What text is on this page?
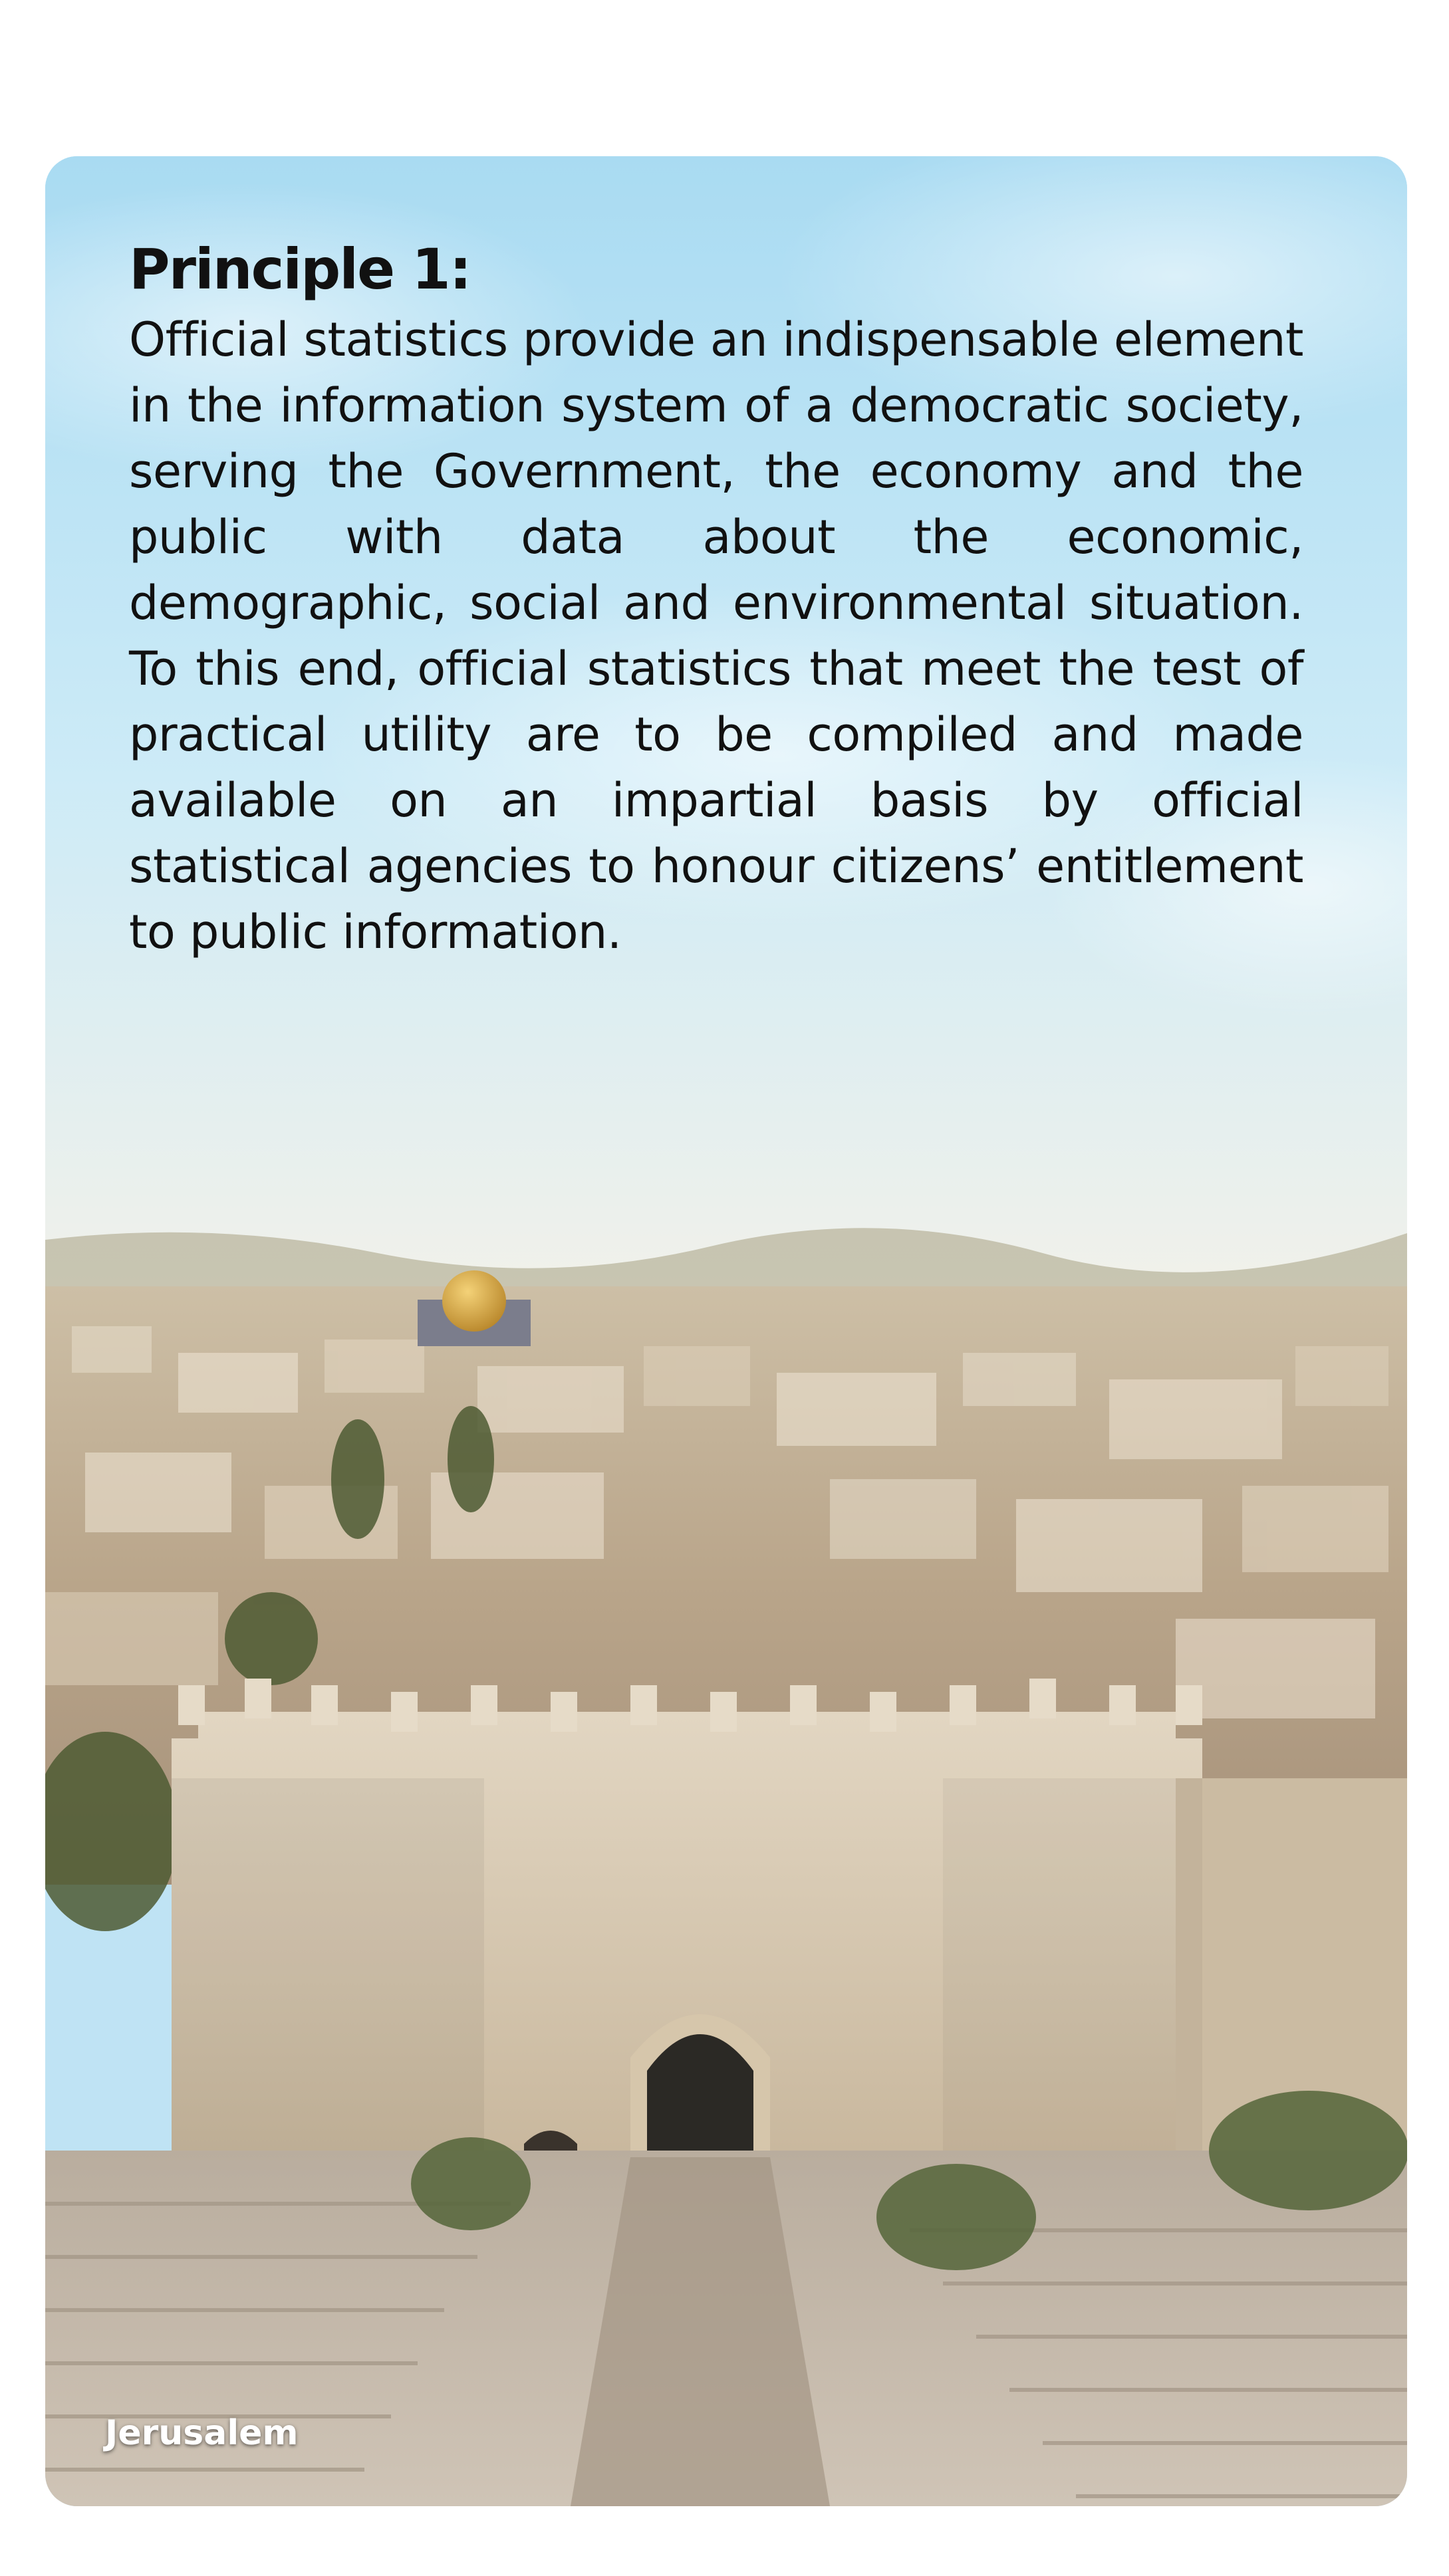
Principle 1:

Official statistics provide an indispensable element in the information system of a democratic society, serving the Government, the economy and the public with data about the economic, demographic, social and environmental situation. To this end, official statistics that meet the test of practical utility are to be compiled and made available on an impartial basis by official statistical agencies to honour citizens’ entitlement to public information.

Jerusalem
